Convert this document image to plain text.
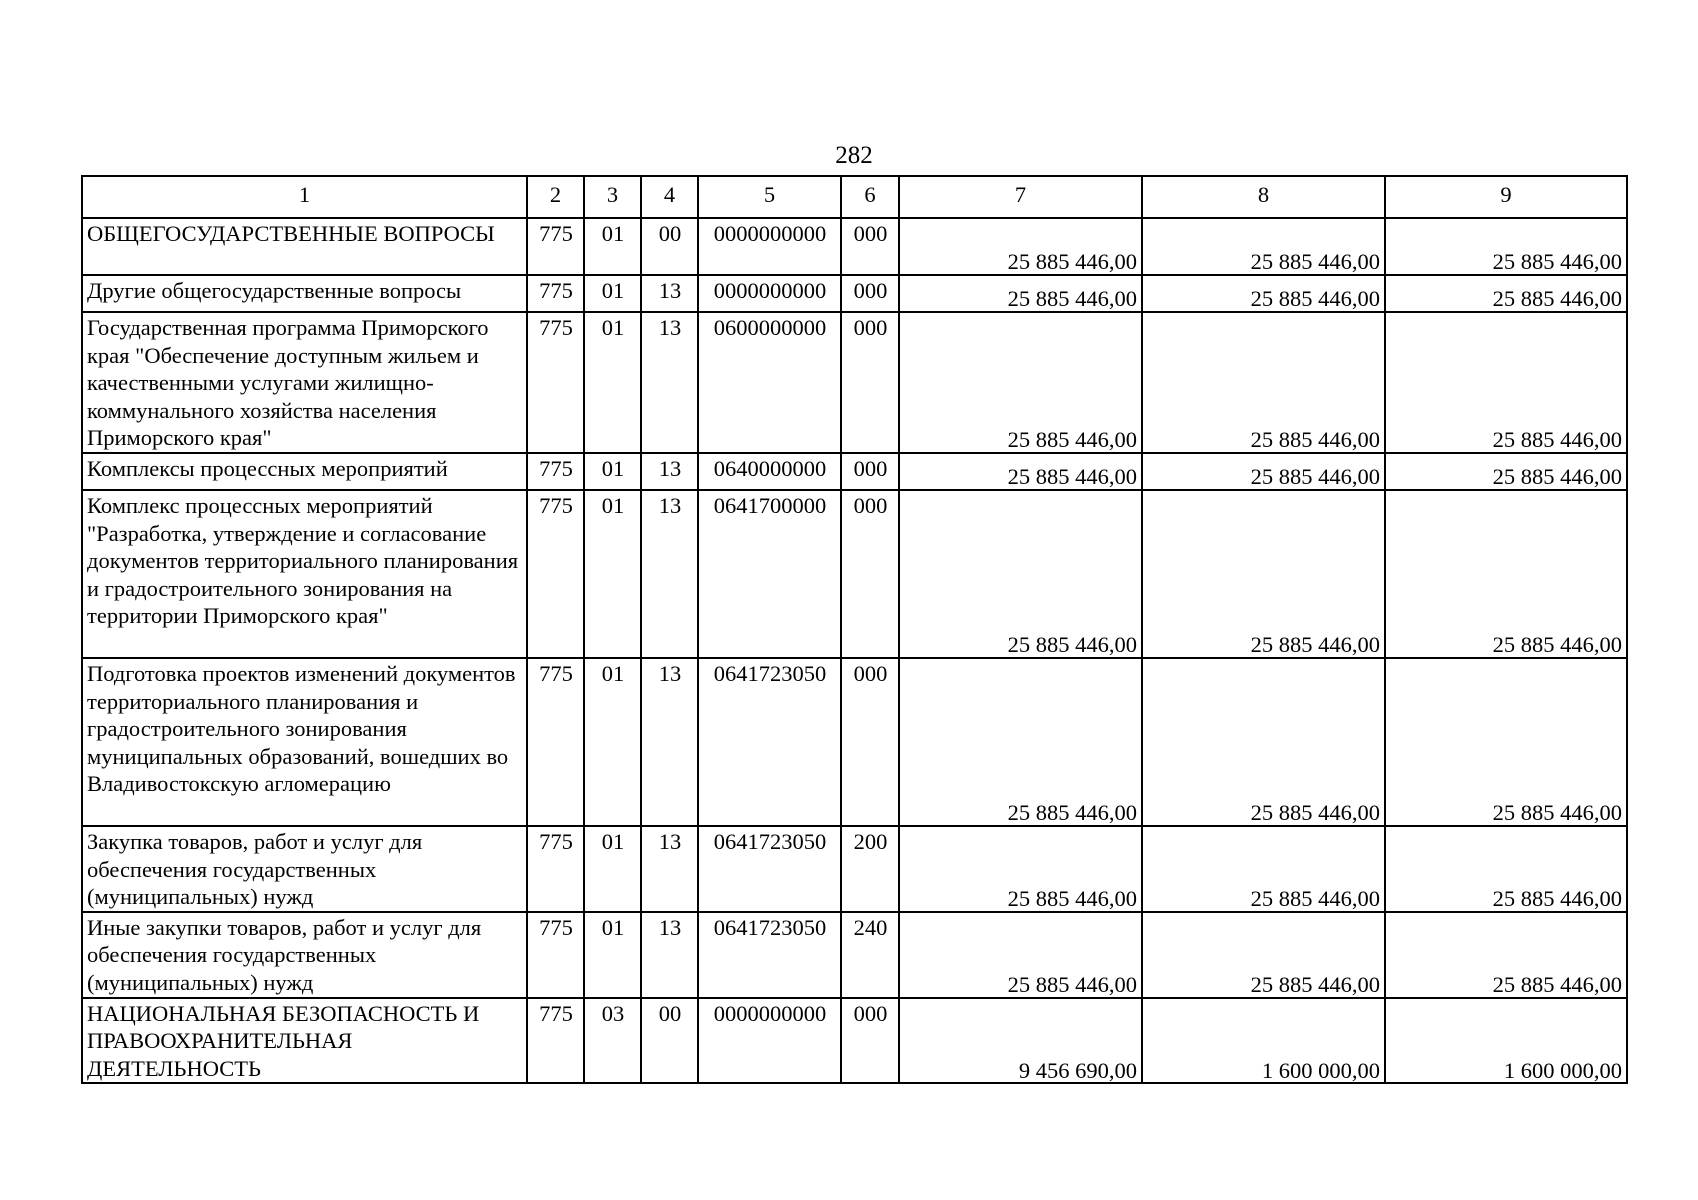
282
1	2	3	4	5	6	7	8	9
ОБЩЕГОСУДАРСТВЕННЫЕ ВОПРОСЫ	775	01	00	0000000000	000	25 885 446,00	25 885 446,00	25 885 446,00
Другие общегосударственные вопросы	775	01	13	0000000000	000	25 885 446,00	25 885 446,00	25 885 446,00
Государственная программа Приморского края "Обеспечение доступным жильем и качественными услугами жилищно-коммунального хозяйства населения Приморского края"	775	01	13	0600000000	000	25 885 446,00	25 885 446,00	25 885 446,00
Комплексы процессных мероприятий	775	01	13	0640000000	000	25 885 446,00	25 885 446,00	25 885 446,00
Комплекс процессных мероприятий "Разработка, утверждение и согласование документов территориального планирования и градостроительного зонирования на территории Приморского края"	775	01	13	0641700000	000	25 885 446,00	25 885 446,00	25 885 446,00
Подготовка проектов изменений документов территориального планирования и градостроительного зонирования муниципальных образований, вошедших во Владивостокскую агломерацию	775	01	13	0641723050	000	25 885 446,00	25 885 446,00	25 885 446,00
Закупка товаров, работ и услуг для обеспечения государственных (муниципальных) нужд	775	01	13	0641723050	200	25 885 446,00	25 885 446,00	25 885 446,00
Иные закупки товаров, работ и услуг для обеспечения государственных (муниципальных) нужд	775	01	13	0641723050	240	25 885 446,00	25 885 446,00	25 885 446,00
НАЦИОНАЛЬНАЯ БЕЗОПАСНОСТЬ И ПРАВООХРАНИТЕЛЬНАЯ ДЕЯТЕЛЬНОСТЬ	775	03	00	0000000000	000	9 456 690,00	1 600 000,00	1 600 000,00
